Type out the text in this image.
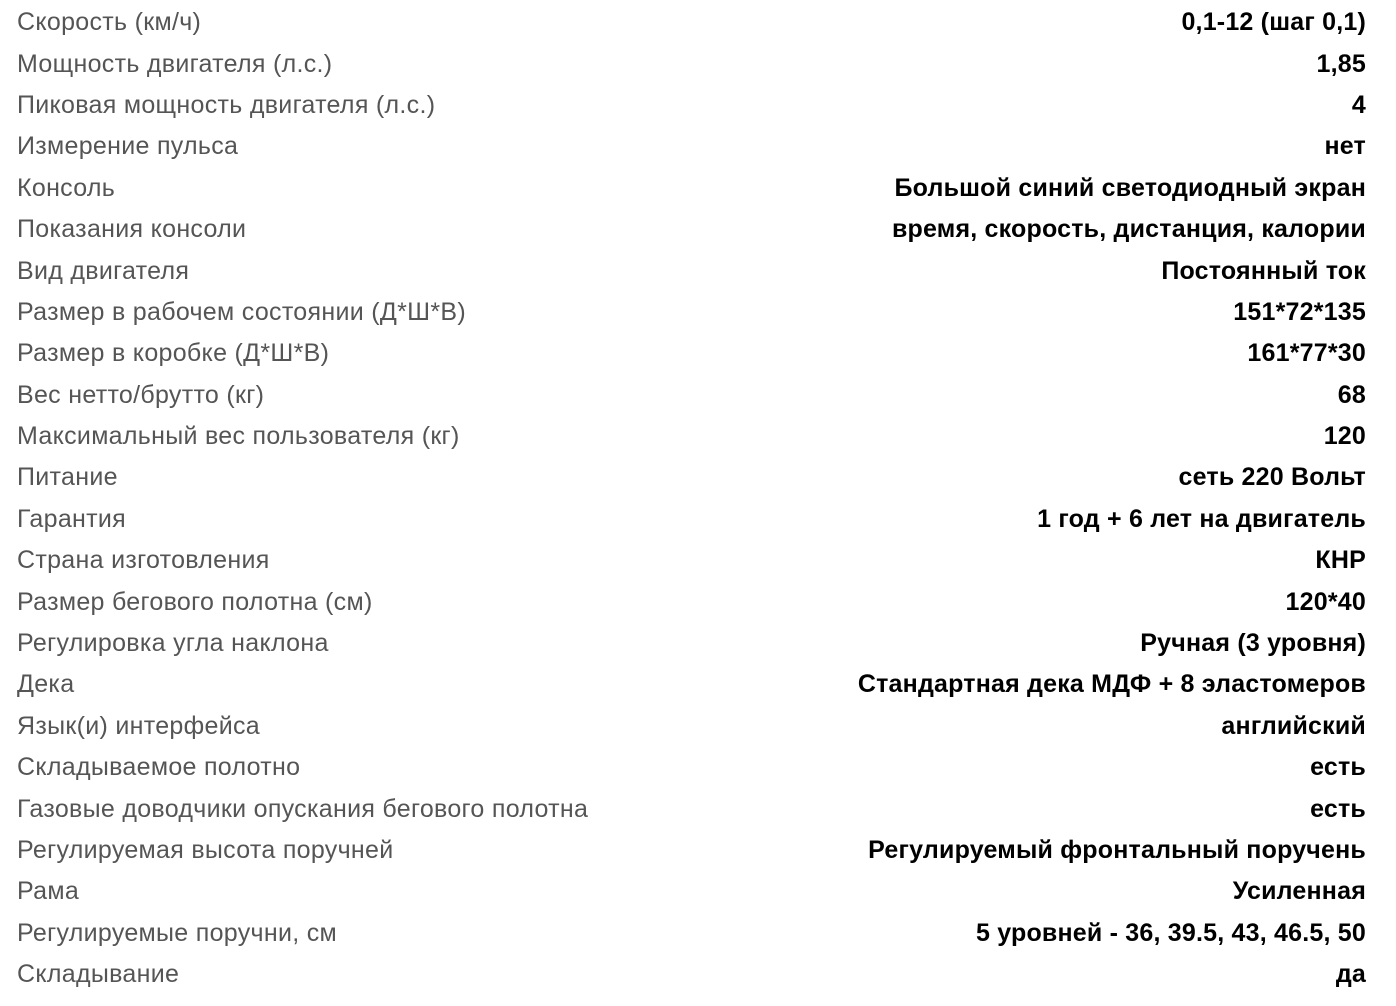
Скорость (км/ч)	0,1-12 (шаг 0,1)
Мощность двигателя (л.с.)	1,85
Пиковая мощность двигателя (л.с.)	4
Измерение пульса	нет
Консоль	Большой синий светодиодный экран
Показания консоли	время, скорость, дистанция, калории
Вид двигателя	Постоянный ток
Размер в рабочем состоянии (Д*Ш*В)	151*72*135
Размер в коробке (Д*Ш*В)	161*77*30
Вес нетто/брутто (кг)	68
Максимальный вес пользователя (кг)	120
Питание	сеть 220 Вольт
Гарантия	1 год + 6 лет на двигатель
Страна изготовления	КНР
Размер бегового полотна (см)	120*40
Регулировка угла наклона	Ручная (3 уровня)
Дека	Стандартная дека МДФ + 8 эластомеров
Язык(и) интерфейса	английский
Складываемое полотно	есть
Газовые доводчики опускания бегового полотна	есть
Регулируемая высота поручней	Регулируемый фронтальный поручень
Рама	Усиленная
Регулируемые поручни, см	5 уровней - 36, 39.5, 43, 46.5, 50
Складывание	да
